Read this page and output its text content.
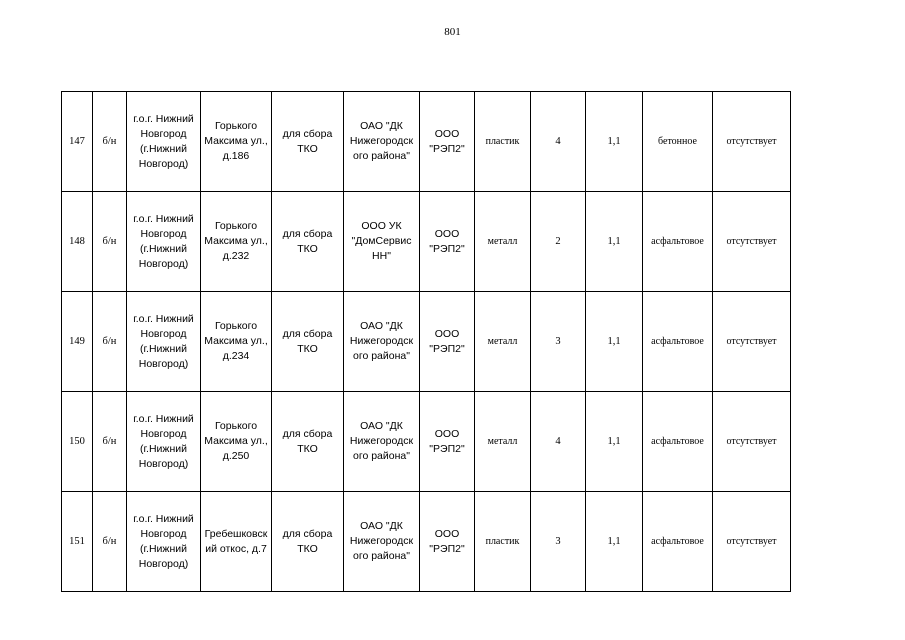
801
147	б/н	г.о.г. Нижний Новгород (г.Нижний Новгород)	Горького Максима ул., д.186	для сбора ТКО	ОАО "ДК Нижегородск ого района"	ООО "РЭП2"	пластик	4	1,1	бетонное	отсутствует
148	б/н	г.о.г. Нижний Новгород (г.Нижний Новгород)	Горького Максима ул., д.232	для сбора ТКО	ООО УК "ДомСервис НН"	ООО "РЭП2"	металл	2	1,1	асфальтовое	отсутствует
149	б/н	г.о.г. Нижний Новгород (г.Нижний Новгород)	Горького Максима ул., д.234	для сбора ТКО	ОАО "ДК Нижегородск ого района"	ООО "РЭП2"	металл	3	1,1	асфальтовое	отсутствует
150	б/н	г.о.г. Нижний Новгород (г.Нижний Новгород)	Горького Максима ул., д.250	для сбора ТКО	ОАО "ДК Нижегородск ого района"	ООО "РЭП2"	металл	4	1,1	асфальтовое	отсутствует
151	б/н	г.о.г. Нижний Новгород (г.Нижний Новгород)	Гребешковск ий откос, д.7	для сбора ТКО	ОАО "ДК Нижегородск ого района"	ООО "РЭП2"	пластик	3	1,1	асфальтовое	отсутствует
